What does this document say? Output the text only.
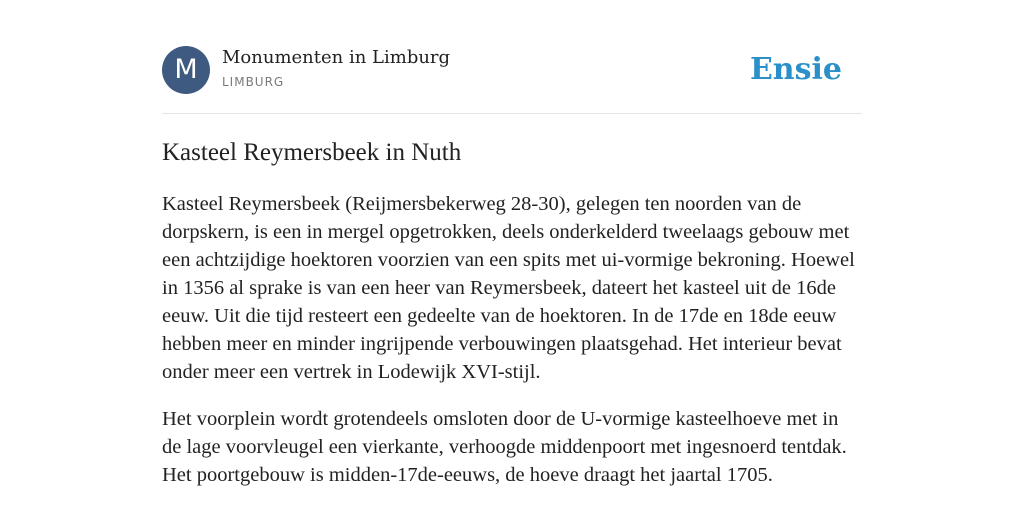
M	Monumenten in Limburg
LIMBURG	Ensie
Kasteel Reymersbeek in Nuth

Kasteel Reymersbeek (Reijmersbekerweg 28-30), gelegen ten noorden van de dorpskern, is een in mergel opgetrokken, deels onderkelderd tweelaags gebouw met een achtzijdige hoektoren voorzien van een spits met ui-vormige bekroning. Hoewel in 1356 al sprake is van een heer van Reymersbeek, dateert het kasteel uit de 16de eeuw. Uit die tijd resteert een gedeelte van de hoektoren. In de 17de en 18de eeuw hebben meer en minder ingrijpende verbouwingen plaatsgehad. Het interieur bevat onder meer een vertrek in Lodewijk XVI-stijl.

Het voorplein wordt grotendeels omsloten door de U-vormige kasteelhoeve met in de lage voorvleugel een vierkante, verhoogde middenpoort met ingesnoerd tentdak. Het poortgebouw is midden-17de-eeuws, de hoeve draagt het jaartal 1705.
